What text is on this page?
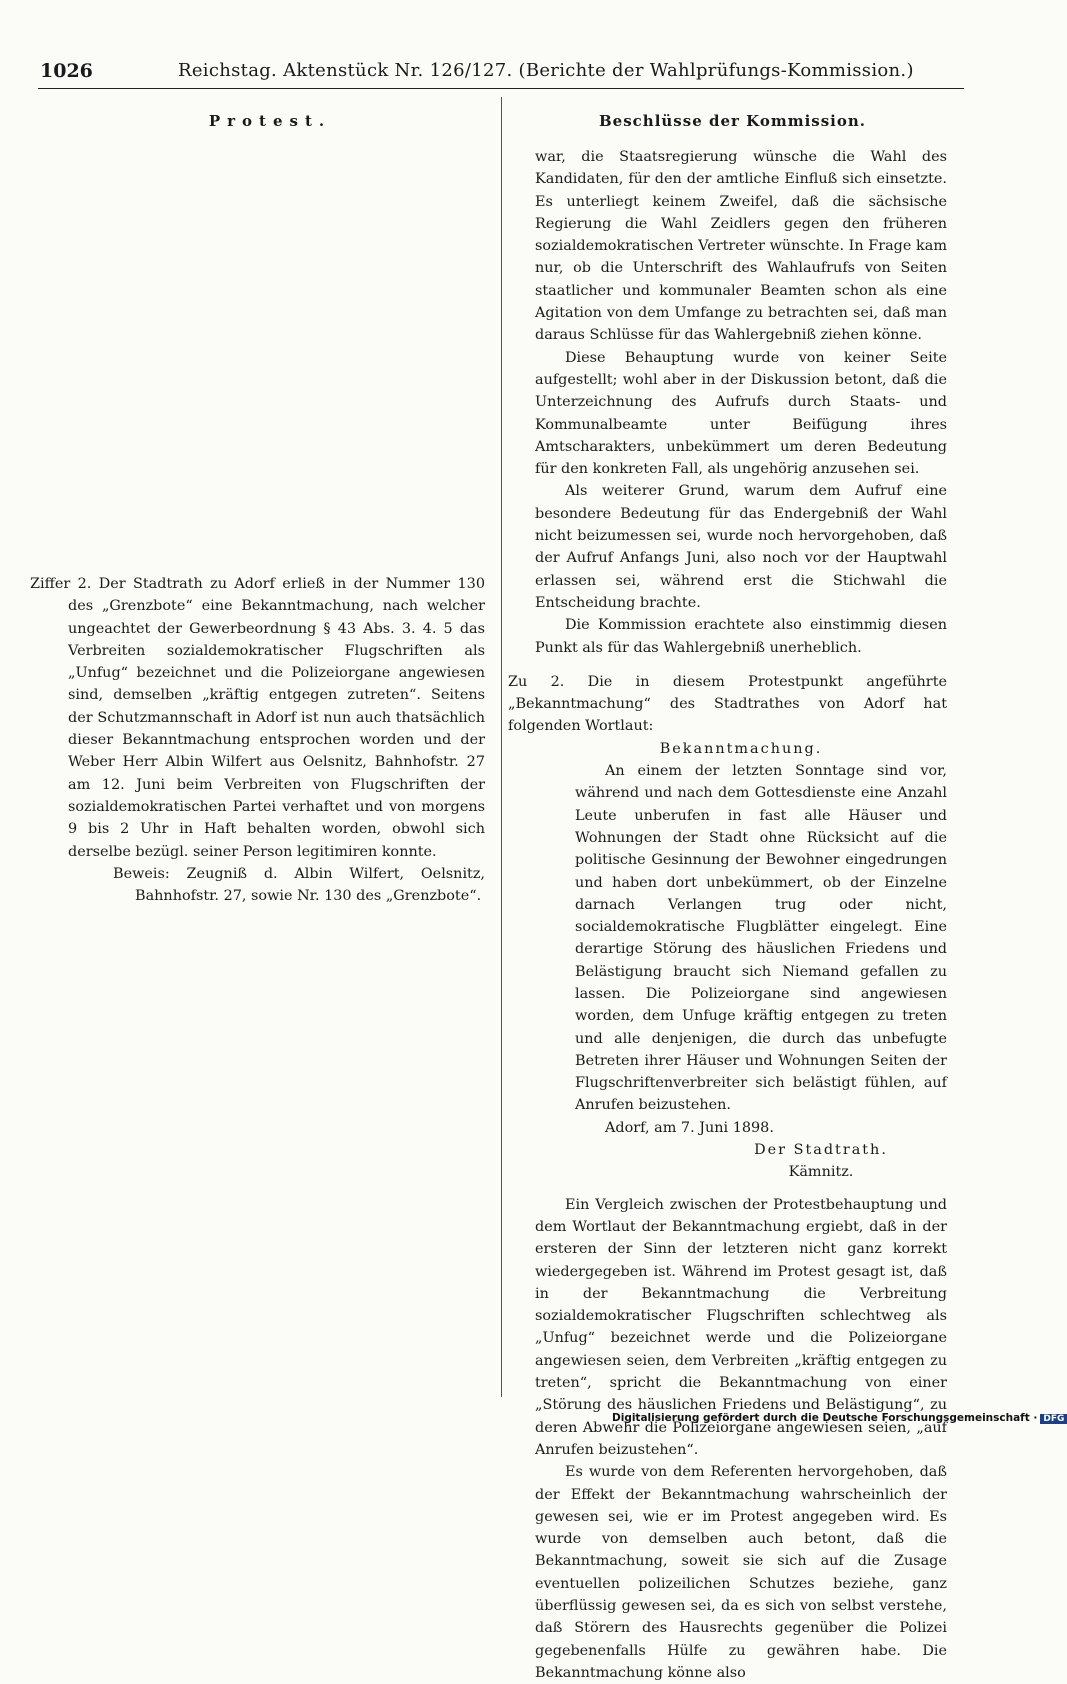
1026	Reichstag. Aktenstück Nr. 126/127. (Berichte der Wahlprüfungs-Kommission.)
Protest.	Beschlüsse der Kommission.

Ziffer 2. Der Stadtrath zu Adorf erließ in der Nummer 130 des „Grenzbote“ eine Bekanntmachung, nach welcher ungeachtet der Gewerbeordnung § 43 Abs. 3. 4. 5 das Verbreiten sozialdemokratischer Flugschriften als „Unfug“ bezeichnet und die Polizeiorgane angewiesen sind, demselben „kräftig entgegen zutreten“. Seitens der Schutzmannschaft in Adorf ist nun auch thatsächlich dieser Bekanntmachung entsprochen worden und der Weber Herr Albin Wilfert aus Oelsnitz, Bahnhofstr. 27 am 12. Juni beim Verbreiten von Flugschriften der sozialdemokratischen Partei verhaftet und von morgens 9 bis 2 Uhr in Haft behalten worden, obwohl sich derselbe bezügl. seiner Person legitimiren konnte.

Beweis: Zeugniß d. Albin Wilfert, Oelsnitz, Bahnhofstr. 27, sowie Nr. 130 des „Grenzbote“.

war, die Staatsregierung wünsche die Wahl des Kandidaten, für den der amtliche Einfluß sich einsetzte. Es unterliegt keinem Zweifel, daß die sächsische Regierung die Wahl Zeidlers gegen den früheren sozialdemokratischen Vertreter wünschte. In Frage kam nur, ob die Unterschrift des Wahlaufrufs von Seiten staatlicher und kommunaler Beamten schon als eine Agitation von dem Umfange zu betrachten sei, daß man daraus Schlüsse für das Wahlergebniß ziehen könne.

Diese Behauptung wurde von keiner Seite aufgestellt; wohl aber in der Diskussion betont, daß die Unterzeichnung des Aufrufs durch Staats- und Kommunalbeamte unter Beifügung ihres Amtscharakters, unbekümmert um deren Bedeutung für den konkreten Fall, als ungehörig anzusehen sei.

Als weiterer Grund, warum dem Aufruf eine besondere Bedeutung für das Endergebniß der Wahl nicht beizumessen sei, wurde noch hervorgehoben, daß der Aufruf Anfangs Juni, also noch vor der Hauptwahl erlassen sei, während erst die Stichwahl die Entscheidung brachte.

Die Kommission erachtete also einstimmig diesen Punkt als für das Wahlergebniß unerheblich.

Zu 2. Die in diesem Protestpunkt angeführte „Bekanntmachung“ des Stadtrathes von Adorf hat folgenden Wortlaut:

Bekanntmachung.

An einem der letzten Sonntage sind vor, während und nach dem Gottesdienste eine Anzahl Leute unberufen in fast alle Häuser und Wohnungen der Stadt ohne Rücksicht auf die politische Gesinnung der Bewohner eingedrungen und haben dort unbekümmert, ob der Einzelne darnach Verlangen trug oder nicht, socialdemokratische Flugblätter eingelegt. Eine derartige Störung des häuslichen Friedens und Belästigung braucht sich Niemand gefallen zu lassen. Die Polizeiorgane sind angewiesen worden, dem Unfuge kräftig entgegen zu treten und alle denjenigen, die durch das unbefugte Betreten ihrer Häuser und Wohnungen Seiten der Flugschriftenverbreiter sich belästigt fühlen, auf Anrufen beizustehen.

Adorf, am 7. Juni 1898.

Der Stadtrath.

Kämnitz.

Ein Vergleich zwischen der Protestbehauptung und dem Wortlaut der Bekanntmachung ergiebt, daß in der ersteren der Sinn der letzteren nicht ganz korrekt wiedergegeben ist. Während im Protest gesagt ist, daß in der Bekanntmachung die Verbreitung sozialdemokratischer Flugschriften schlechtweg als „Unfug“ bezeichnet werde und die Polizeiorgane angewiesen seien, dem Verbreiten „kräftig entgegen zu treten“, spricht die Bekanntmachung von einer „Störung des häuslichen Friedens und Belästigung“, zu deren Abwehr die Polizeiorgane angewiesen seien, „auf Anrufen beizustehen“.

Es wurde von dem Referenten hervorgehoben, daß der Effekt der Bekanntmachung wahrscheinlich der gewesen sei, wie er im Protest angegeben wird. Es wurde von demselben auch betont, daß die Bekanntmachung, soweit sie sich auf die Zusage eventuellen polizeilichen Schutzes beziehe, ganz überflüssig gewesen sei, da es sich von selbst verstehe, daß Störern des Hausrechts gegenüber die Polizei gegebenenfalls Hülfe zu gewähren habe. Die Bekanntmachung könne also

Digitalisierung gefördert durch die Deutsche Forschungsgemeinschaft · DFG
